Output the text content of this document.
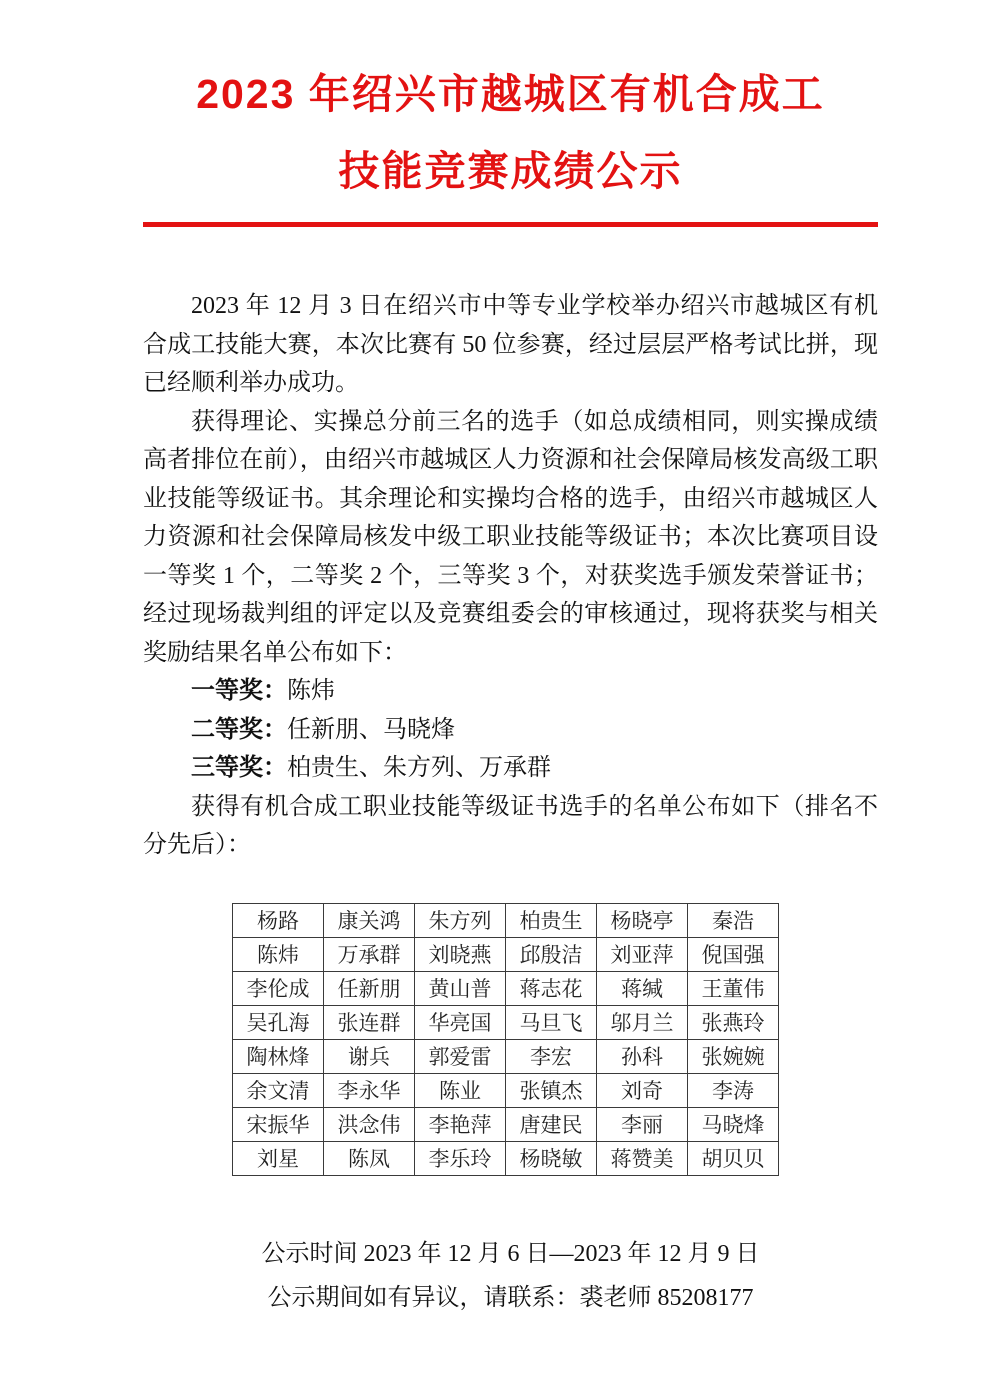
2023 年绍兴市越城区有机合成工
技能竞赛成绩公示

2023 年 12 月 3 日在绍兴市中等专业学校举办绍兴市越城区有机合成工技能大赛，本次比赛有 50 位参赛，经过层层严格考试比拼，现已经顺利举办成功。

获得理论、实操总分前三名的选手（如总成绩相同，则实操成绩高者排位在前），由绍兴市越城区人力资源和社会保障局核发高级工职业技能等级证书。其余理论和实操均合格的选手，由绍兴市越城区人力资源和社会保障局核发中级工职业技能等级证书；本次比赛项目设一等奖 1 个，二等奖 2 个，三等奖 3 个，对获奖选手颁发荣誉证书；经过现场裁判组的评定以及竞赛组委会的审核通过，现将获奖与相关奖励结果名单公布如下：

一等奖：陈炜

二等奖：任新朋、马晓烽

三等奖：柏贵生、朱方列、万承群

获得有机合成工职业技能等级证书选手的名单公布如下（排名不分先后）：

杨路	康关鸿	朱方列	柏贵生	杨晓亭	秦浩
陈炜	万承群	刘晓燕	邱殷洁	刘亚萍	倪国强
李伦成	任新朋	黄山普	蒋志花	蒋缄	王董伟
吴孔海	张连群	华亮国	马旦飞	邬月兰	张燕玲
陶林烽	谢兵	郭爱雷	李宏	孙科	张婉婉
余文清	李永华	陈业	张镇杰	刘奇	李涛
宋振华	洪念伟	李艳萍	唐建民	李丽	马晓烽
刘星	陈凤	李乐玲	杨晓敏	蒋赞美	胡贝贝

公示时间 2023 年 12 月 6 日—2023 年 12 月 9 日

公示期间如有异议，请联系：裘老师 85208177
